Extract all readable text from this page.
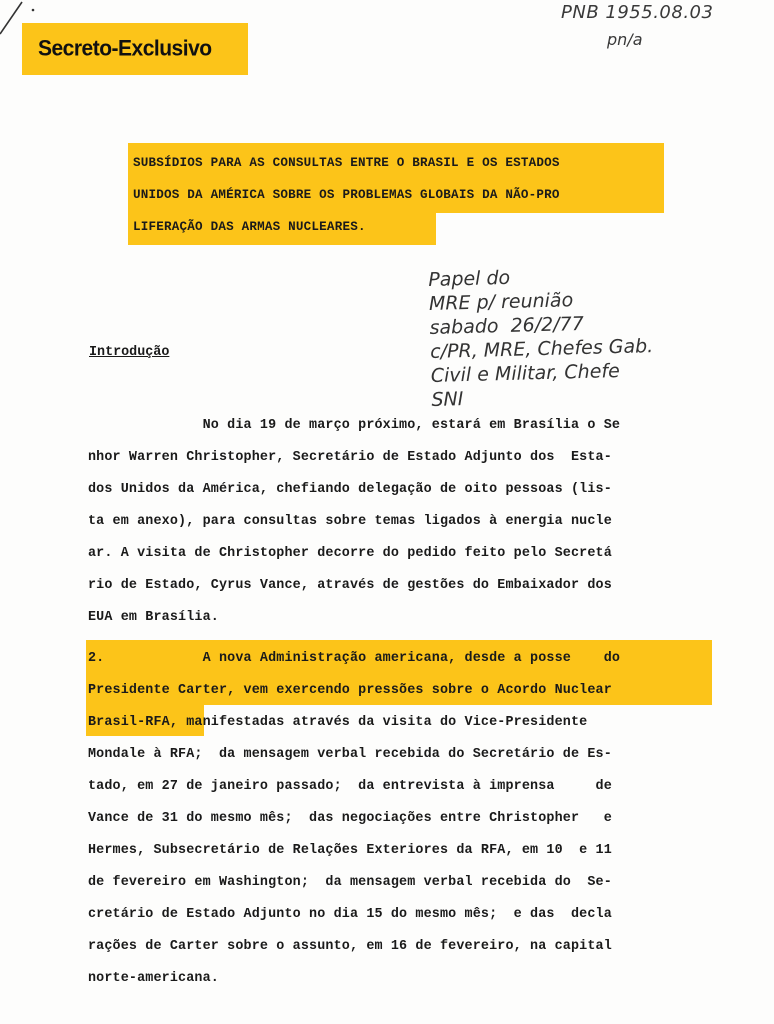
Secreto-Exclusivo
PNB 1955.08.03
pn/a
SUBSÍDIOS PARA AS CONSULTAS ENTRE O BRASIL E OS ESTADOS
UNIDOS DA AMÉRICA SOBRE OS PROBLEMAS GLOBAIS DA NÃO-PRO
LIFERAÇÃO DAS ARMAS NUCLEARES.
Papel do
MRE p/ reunião
sabado  26/2/77
c/PR, MRE, Chefes Gab.
Civil e Militar, Chefe
SNI
Introdução
No dia 19 de março próximo, estará em Brasília o Se
nhor Warren Christopher, Secretário de Estado Adjunto dos  Esta-
dos Unidos da América, chefiando delegação de oito pessoas (lis-
ta em anexo), para consultas sobre temas ligados à energia nucle
ar. A visita de Christopher decorre do pedido feito pelo Secretá
rio de Estado, Cyrus Vance, através de gestões do Embaixador dos
EUA em Brasília.
2.            A nova Administração americana, desde a posse    do
Presidente Carter, vem exercendo pressões sobre o Acordo Nuclear
Brasil-RFA, manifestadas através da visita do Vice-Presidente
Mondale à RFA;  da mensagem verbal recebida do Secretário de Es-
tado, em 27 de janeiro passado;  da entrevista à imprensa     de
Vance de 31 do mesmo mês;  das negociações entre Christopher   e
Hermes, Subsecretário de Relações Exteriores da RFA, em 10  e 11
de fevereiro em Washington;  da mensagem verbal recebida do  Se-
cretário de Estado Adjunto no dia 15 do mesmo mês;  e das  decla
rações de Carter sobre o assunto, em 16 de fevereiro, na capital
norte-americana.
